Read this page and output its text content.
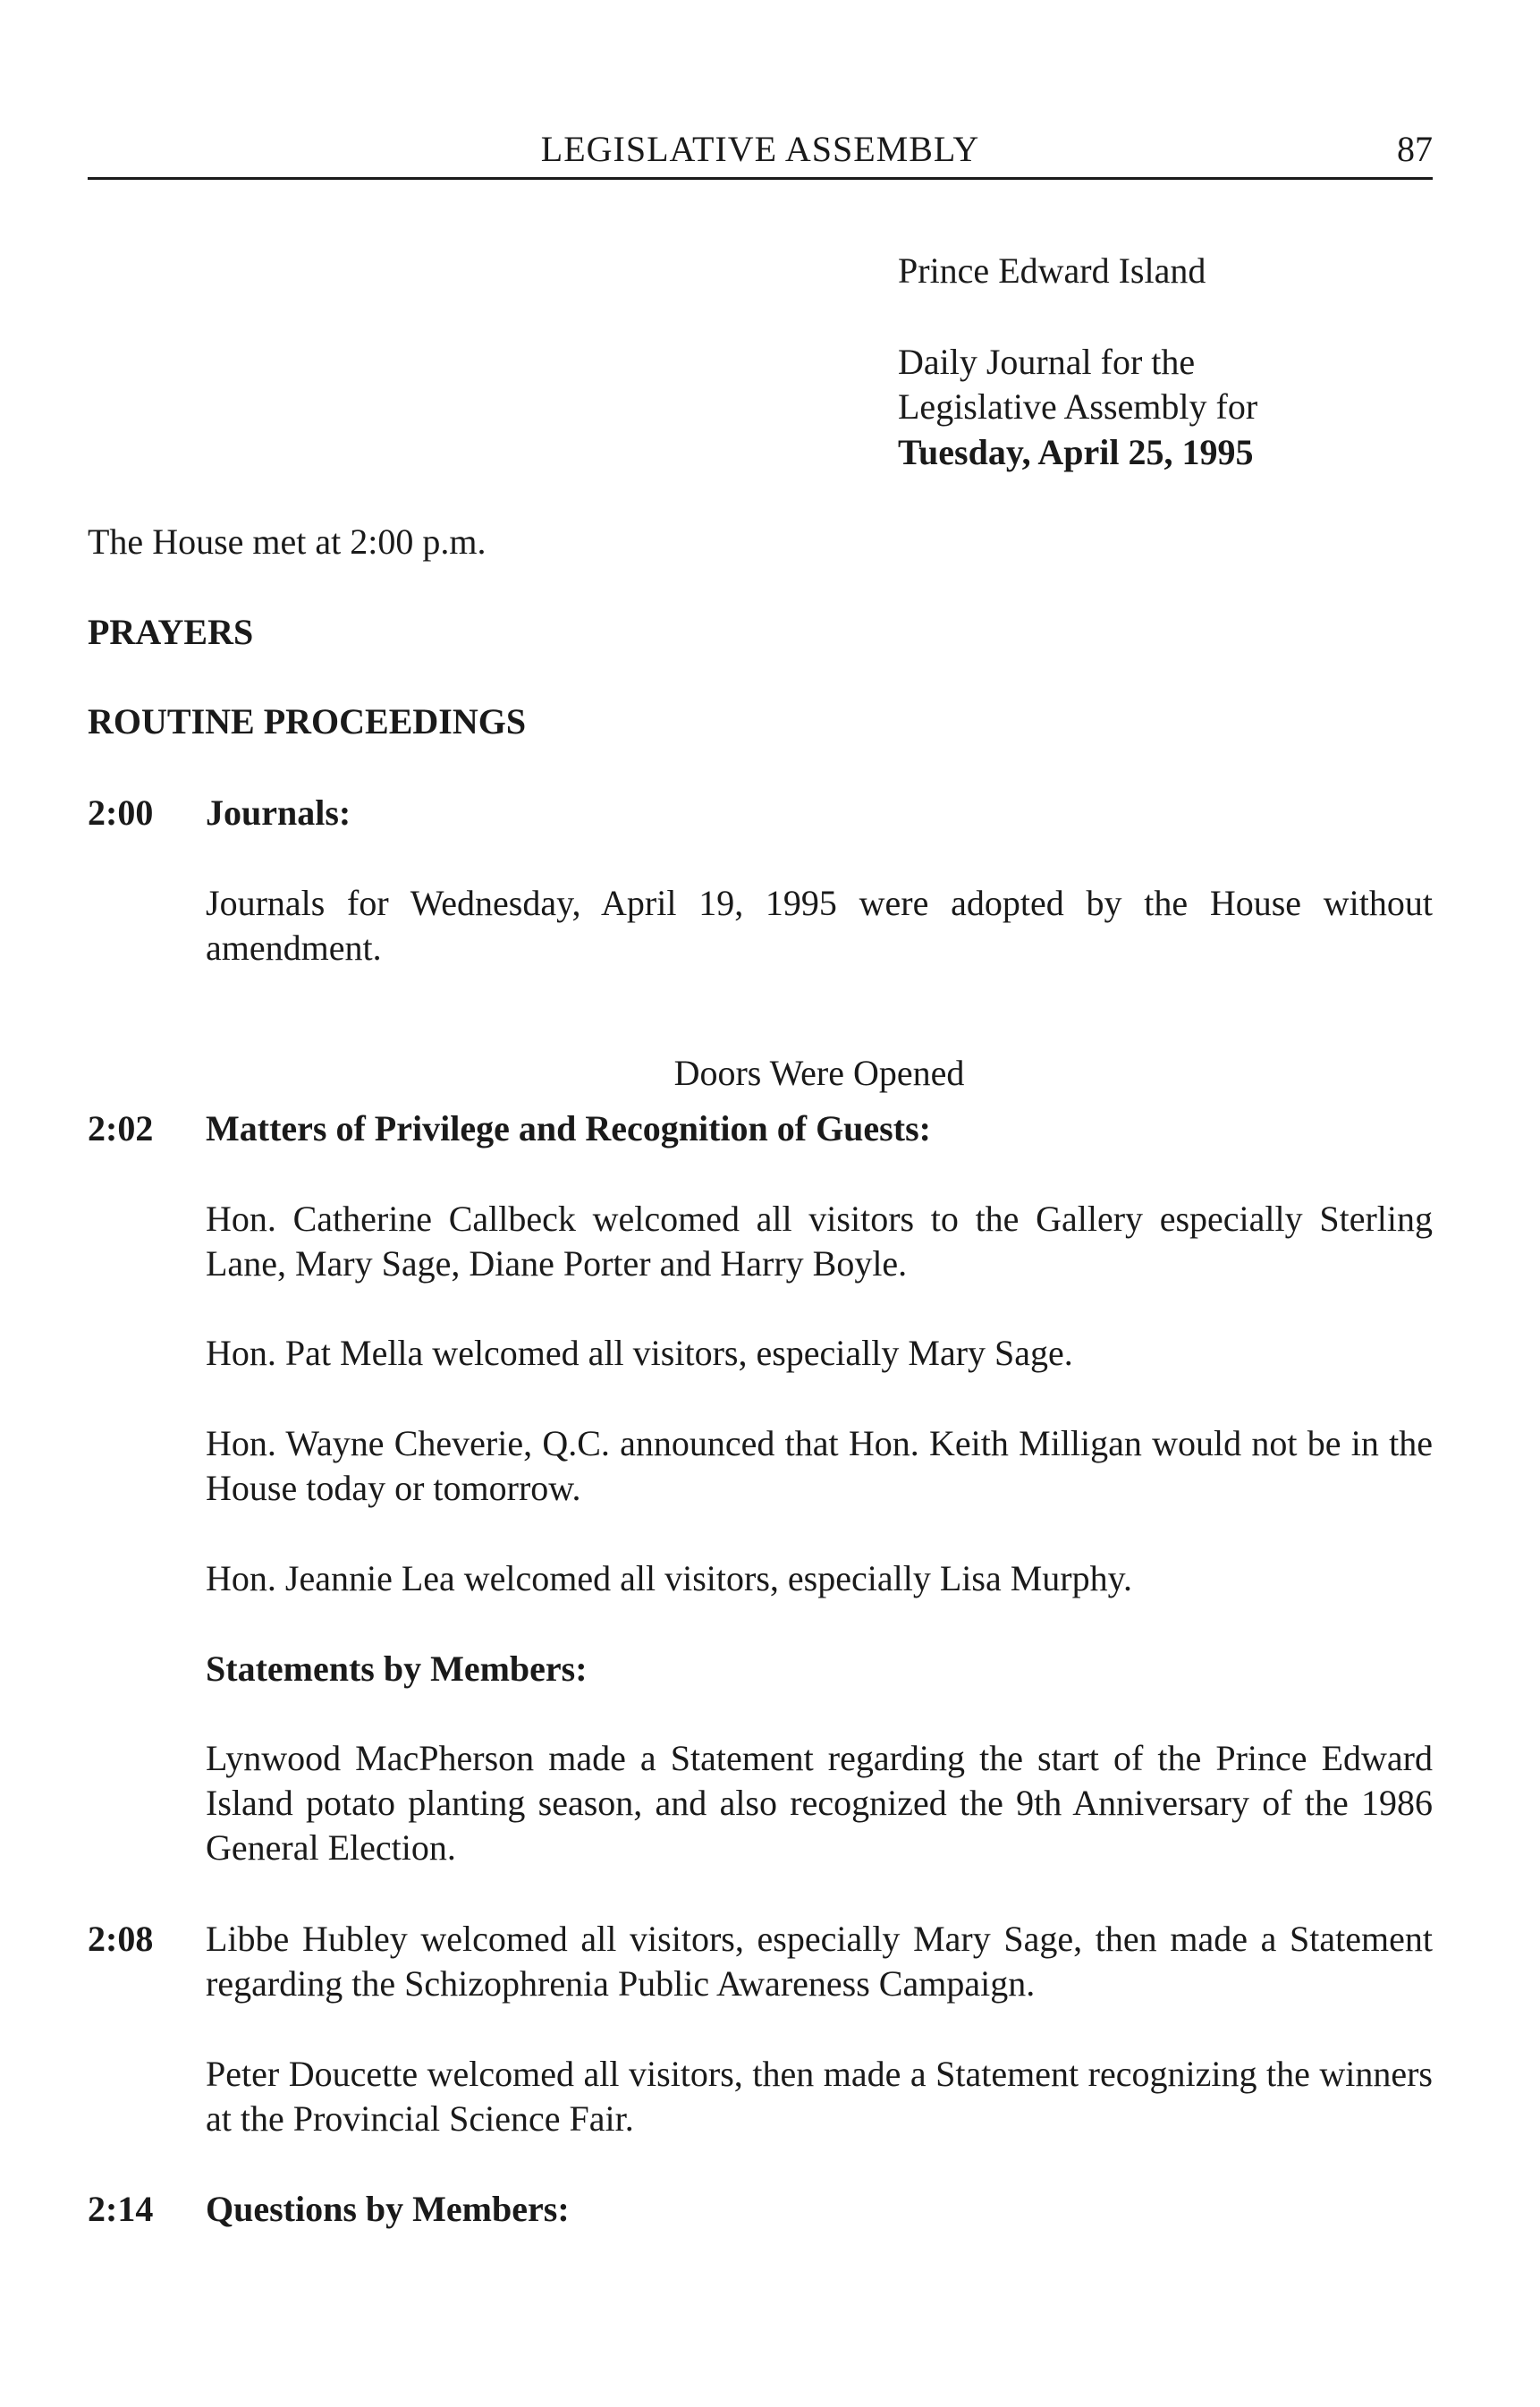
LEGISLATIVE ASSEMBLY	87

Prince Edward Island

Daily Journal for the

Legislative Assembly for

Tuesday, April 25, 1995

The House met at 2:00 p.m.

PRAYERS

ROUTINE PROCEEDINGS

2:00 Journals:

Journals for Wednesday, April 19, 1995 were adopted by the House without amendment.

Doors Were Opened

2:02 Matters of Privilege and Recognition of Guests:

Hon. Catherine Callbeck welcomed all visitors to the Gallery especially Sterling Lane, Mary Sage, Diane Porter and Harry Boyle.

Hon. Pat Mella welcomed all visitors, especially Mary Sage.

Hon. Wayne Cheverie, Q.C. announced that Hon. Keith Milligan would not be in the House today or tomorrow.

Hon. Jeannie Lea welcomed all visitors, especially Lisa Murphy.

Statements by Members:

Lynwood MacPherson made a Statement regarding the start of the Prince Edward Island potato planting season, and also recognized the 9th Anniversary of the 1986 General Election.

2:08 Libbe Hubley welcomed all visitors, especially Mary Sage, then made a Statement regarding the Schizophrenia Public Awareness Campaign.

Peter Doucette welcomed all visitors, then made a Statement recognizing the winners at the Provincial Science Fair.

2:14 Questions by Members:
